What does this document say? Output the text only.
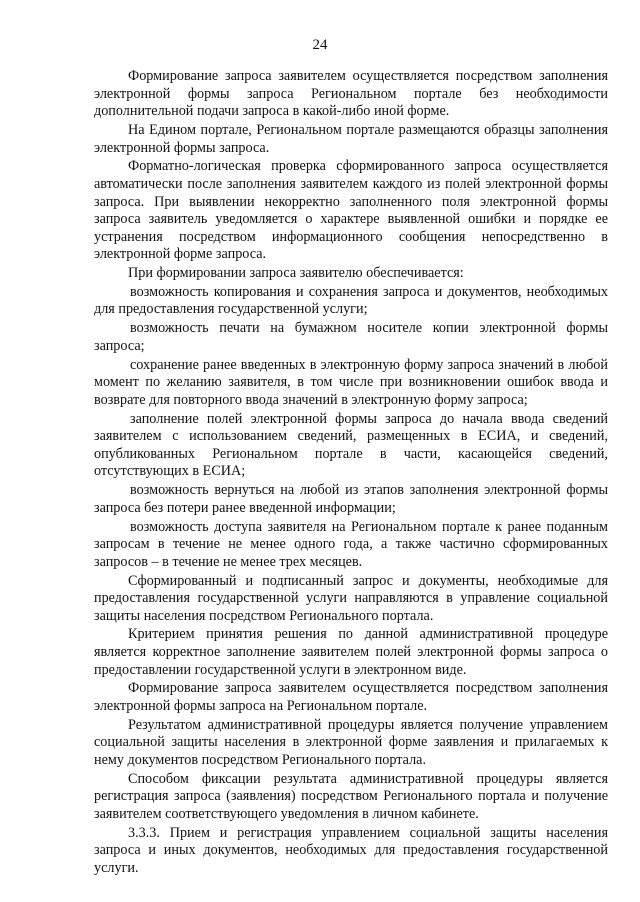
24

Формирование запроса заявителем осуществляется посредством заполнения электронной формы запроса Региональном портале без необходимости дополнительной подачи запроса в какой-либо иной форме.

На Едином портале, Региональном портале размещаются образцы заполнения электронной формы запроса.

Форматно-логическая проверка сформированного запроса осуществляется автоматически после заполнения заявителем каждого из полей электронной формы запроса. При выявлении некорректно заполненного поля электронной формы запроса заявитель уведомляется о характере выявленной ошибки и порядке ее устранения посредством информационного сообщения непосредственно в электронной форме запроса.

При формировании запроса заявителю обеспечивается:

возможность копирования и сохранения запроса и документов, необходимых для предоставления государственной услуги;

возможность печати на бумажном носителе копии электронной формы запроса;

сохранение ранее введенных в электронную форму запроса значений в любой момент по желанию заявителя, в том числе при возникновении ошибок ввода и возврате для повторного ввода значений в электронную форму запроса;

заполнение полей электронной формы запроса до начала ввода сведений заявителем с использованием сведений, размещенных в ЕСИА, и сведений, опубликованных Региональном портале в части, касающейся сведений, отсутствующих в ЕСИА;

возможность вернуться на любой из этапов заполнения электронной формы запроса без потери ранее введенной информации;

возможность доступа заявителя на Региональном портале к ранее поданным запросам в течение не менее одного года, а также частично сформированных запросов – в течение не менее трех месяцев.

Сформированный и подписанный запрос и документы, необходимые для предоставления государственной услуги направляются в управление социальной защиты населения посредством Регионального портала.

Критерием принятия решения по данной административной процедуре является корректное заполнение заявителем полей электронной формы запроса о предоставлении государственной услуги в электронном виде.

Формирование запроса заявителем осуществляется посредством заполнения электронной формы запроса на Региональном портале.

Результатом административной процедуры является получение управлением социальной защиты населения в электронной форме заявления и прилагаемых к нему документов посредством Регионального портала.

Способом фиксации результата административной процедуры является регистрация запроса (заявления) посредством Регионального портала и получение заявителем соответствующего уведомления в личном кабинете.

3.3.3. Прием и регистрация управлением социальной защиты населения запроса и иных документов, необходимых для предоставления государственной услуги.
